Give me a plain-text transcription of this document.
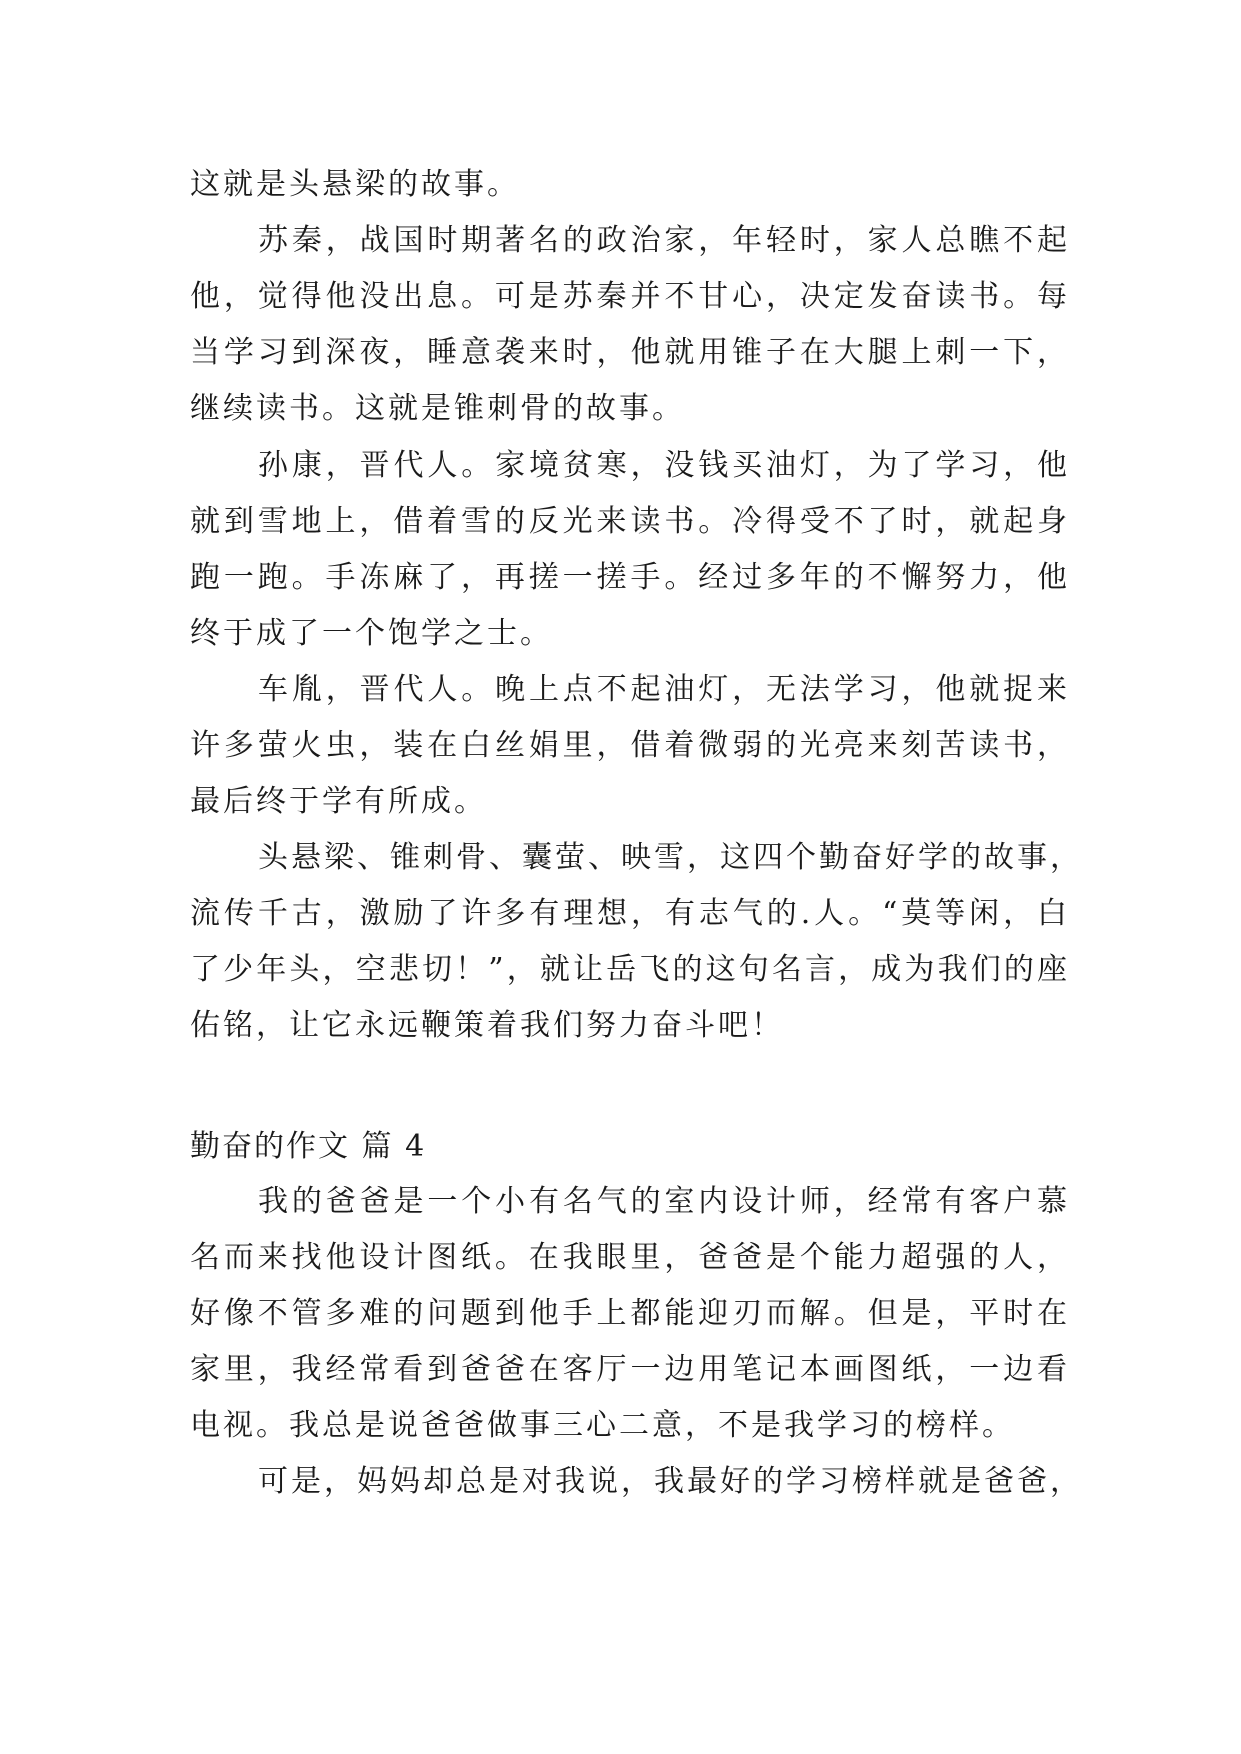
这就是头悬梁的故事。
苏秦，战国时期著名的政治家，年轻时，家人总瞧不起
他，觉得他没出息。可是苏秦并不甘心，决定发奋读书。每
当学习到深夜，睡意袭来时，他就用锥子在大腿上刺一下，
继续读书。这就是锥刺骨的故事。
孙康，晋代人。家境贫寒，没钱买油灯，为了学习，他
就到雪地上，借着雪的反光来读书。冷得受不了时，就起身
跑一跑。手冻麻了，再搓一搓手。经过多年的不懈努力，他
终于成了一个饱学之士。
车胤，晋代人。晚上点不起油灯，无法学习，他就捉来
许多萤火虫，装在白丝娟里，借着微弱的光亮来刻苦读书，
最后终于学有所成。
头悬梁、锥刺骨、囊萤、映雪，这四个勤奋好学的故事，
流传千古，激励了许多有理想，有志气的.人。“莫等闲，白
了少年头，空悲切！”，就让岳飞的这句名言，成为我们的座
佑铭，让它永远鞭策着我们努力奋斗吧！
勤奋的作文 篇 4
我的爸爸是一个小有名气的室内设计师，经常有客户慕
名而来找他设计图纸。在我眼里，爸爸是个能力超强的人，
好像不管多难的问题到他手上都能迎刃而解。但是，平时在
家里，我经常看到爸爸在客厅一边用笔记本画图纸，一边看
电视。我总是说爸爸做事三心二意，不是我学习的榜样。
可是，妈妈却总是对我说，我最好的学习榜样就是爸爸，
